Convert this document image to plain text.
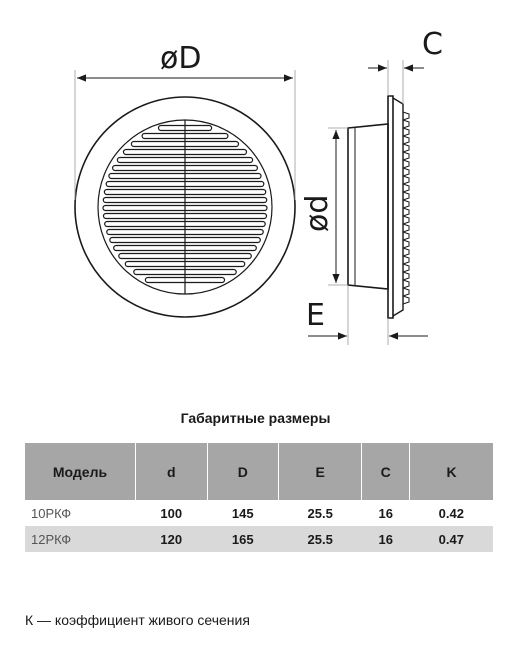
øD
ød
C
E
Габаритные размеры
Модель	d	D	E	C	K
10РКФ	100	145	25.5	16	0.42
12РКФ	120	165	25.5	16	0.47
К — коэффициент живого сечения
